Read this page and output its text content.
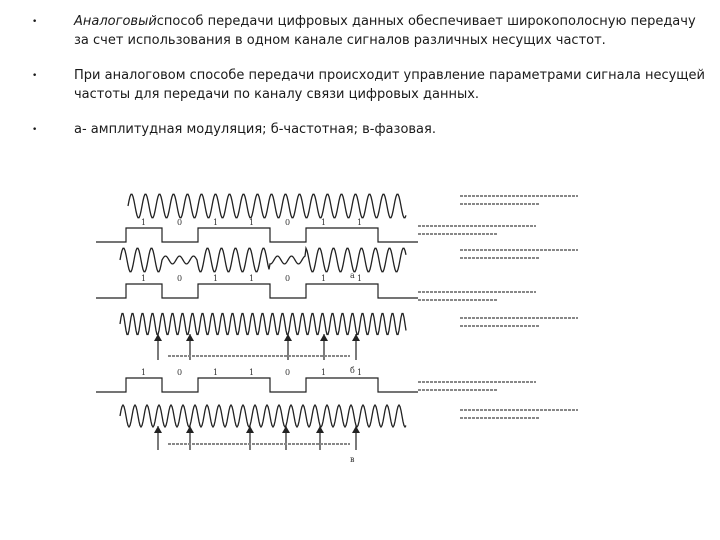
•	Аналоговыйспособ передачи цифровых данных обеспечивает широкополосную передачу за счет использования в одном канале сигналов различных несущих частот.
•	При аналоговом способе передачи происходит управление параметрами сигнала несущей частоты для передачи по каналу связи цифровых данных.
•	а- амплитудная модуляция; б-частотная; в-фазовая.
1	0	1	1	0	1	1
а
1	0	1	1	0	1	1
б
1	0	1	1	0	1	1
в
